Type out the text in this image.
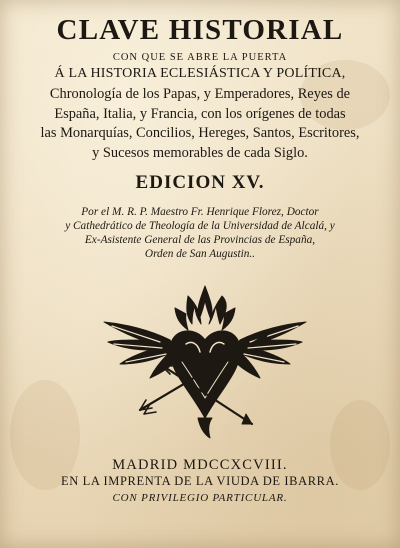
CLAVE HISTORIAL
CON QUE SE ABRE LA PUERTA
Á LA HISTORIA ECLESIÁSTICA Y POLÍTICA,
Chronología de los Papas, y Emperadores, Reyes de
España, Italia, y Francia, con los orígenes de todas
las Monarquías, Concilios, Hereges, Santos, Escritores,
y Sucesos memorables de cada Siglo.
EDICION XV.
Por el M. R. P. Maestro Fr. Henrique Florez, Doctor
y Cathedrático de Theología de la Universidad de Alcalá, y
Ex-Asistente General de las Provincias de España,
Orden de San Augustin..
MADRID MDCCXCVIII.
EN LA IMPRENTA DE LA VIUDA DE IBARRA.
CON PRIVILEGIO PARTICULAR.
